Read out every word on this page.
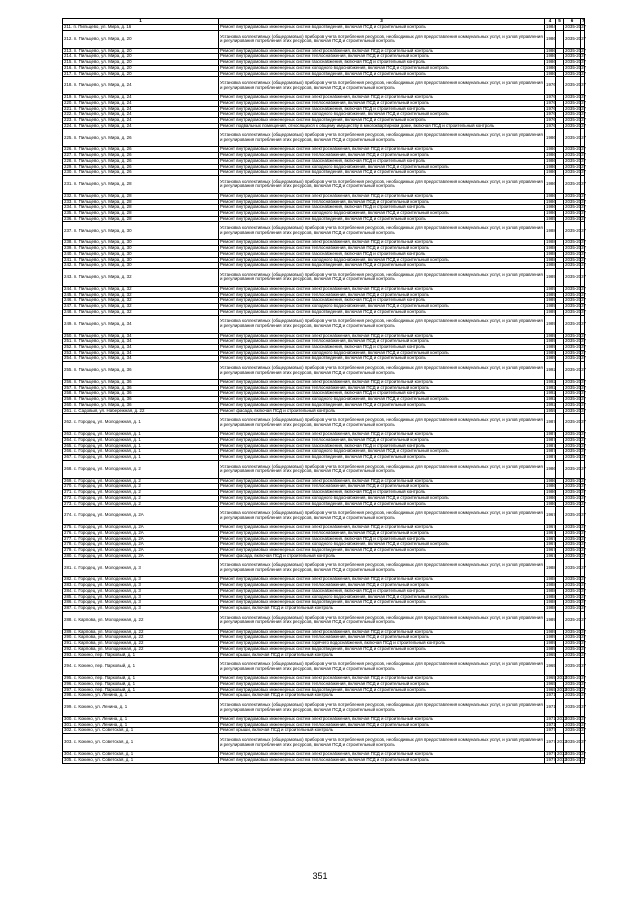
1	3	4	5	6	7
211. п. Пильцево, ул. Мира, д. 16	Ремонт внутридомовых инженерных систем водоотведения, включая ПСД и строительный контроль	1984		2035-2037	
212. п. Пильцево, ул. Мира, д. 20	Установка коллективных (общедомовых) приборов учета потребления ресурсов, необходимых для предоставления коммунальных услуг, и узлов управления и регулирования потребления этих ресурсов, включая ПСД и строительный контроль	1986		2035-2037	
213. п. Пильцево, ул. Мира, д. 20	Ремонт внутридомовых инженерных систем электроснабжения, включая ПСД и строительный контроль	1986		2035-2037	
214. п. Пильцево, ул. Мира, д. 20	Ремонт внутридомовых инженерных систем теплоснабжения, включая ПСД и строительный контроль	1986		2035-2037	
215. п. Пильцево, ул. Мира, д. 20	Ремонт внутридомовых инженерных систем газоснабжения, включая ПСД и строительный контроль	1986		2035-2037	
216. п. Пильцево, ул. Мира, д. 20	Ремонт внутридомовых инженерных систем холодного водоснабжения, включая ПСД и строительный контроль	1986		2035-2037	
217. п. Пильцево, ул. Мира, д. 20	Ремонт внутридомовых инженерных систем водоотведения, включая ПСД и строительный контроль	1986		2035-2037	
218. п. Пильцево, ул. Мира, д. 24	Установка коллективных (общедомовых) приборов учета потребления ресурсов, необходимых для предоставления коммунальных услуг, и узлов управления и регулирования потребления этих ресурсов, включая ПСД и строительный контроль	1976		2035-2037	
219. п. Пильцево, ул. Мира, д. 24	Ремонт внутридомовых инженерных систем электроснабжения, включая ПСД и строительный контроль	1976		2035-2037	
220. п. Пильцево, ул. Мира, д. 24	Ремонт внутридомовых инженерных систем теплоснабжения, включая ПСД и строительный контроль	1976		2035-2037	
221. п. Пильцево, ул. Мира, д. 24	Ремонт внутридомовых инженерных систем газоснабжения, включая ПСД и строительный контроль	1976		2035-2037	
222. п. Пильцево, ул. Мира, д. 24	Ремонт внутридомовых инженерных систем холодного водоснабжения, включая ПСД и строительный контроль	1976		2035-2037	
223. п. Пильцево, ул. Мира, д. 24	Ремонт внутридомовых инженерных систем водоотведения, включая ПСД и строительный контроль	1976		2035-2037	
224. п. Пильцево, ул. Мира, д. 24	Ремонт подвальных помещений, относящихся к общему имуществу в многоквартирном доме, включая ПСД и строительный контроль	1976		2035-2037	
225. п. Пильцево, ул. Мира, д. 26	Установка коллективных (общедомовых) приборов учета потребления ресурсов, необходимых для предоставления коммунальных услуг, и узлов управления и регулирования потребления этих ресурсов, включая ПСД и строительный контроль	1986		2035-2037	
226. п. Пильцево, ул. Мира, д. 26	Ремонт внутридомовых инженерных систем электроснабжения, включая ПСД и строительный контроль	1986		2035-2037	
227. п. Пильцево, ул. Мира, д. 26	Ремонт внутридомовых инженерных систем теплоснабжения, включая ПСД и строительный контроль	1986		2035-2037	
228. п. Пильцево, ул. Мира, д. 26	Ремонт внутридомовых инженерных систем газоснабжения, включая ПСД и строительный контроль	1986		2035-2037	
229. п. Пильцево, ул. Мира, д. 26	Ремонт внутридомовых инженерных систем холодного водоснабжения, включая ПСД и строительный контроль	1986		2035-2037	
230. п. Пильцево, ул. Мира, д. 26	Ремонт внутридомовых инженерных систем водоотведения, включая ПСД и строительный контроль	1986		2035-2037	
231. п. Пильцево, ул. Мира, д. 28	Установка коллективных (общедомовых) приборов учета потребления ресурсов, необходимых для предоставления коммунальных услуг, и узлов управления и регулирования потребления этих ресурсов, включая ПСД и строительный контроль	1986		2035-2037	
232. п. Пильцево, ул. Мира, д. 28	Ремонт внутридомовых инженерных систем электроснабжения, включая ПСД и строительный контроль	1986		2035-2037	
233. п. Пильцево, ул. Мира, д. 28	Ремонт внутридомовых инженерных систем теплоснабжения, включая ПСД и строительный контроль	1986		2035-2037	
234. п. Пильцево, ул. Мира, д. 28	Ремонт внутридомовых инженерных систем газоснабжения, включая ПСД и строительный контроль	1986		2035-2037	
235. п. Пильцево, ул. Мира, д. 28	Ремонт внутридомовых инженерных систем холодного водоснабжения, включая ПСД и строительный контроль	1986		2035-2037	
236. п. Пильцево, ул. Мира, д. 28	Ремонт внутридомовых инженерных систем водоотведения, включая ПСД и строительный контроль	1985		2035-2037	
237. п. Пильцево, ул. Мира, д. 30	Установка коллективных (общедомовых) приборов учета потребления ресурсов, необходимых для предоставления коммунальных услуг, и узлов управления и регулирования потребления этих ресурсов, включая ПСД и строительный контроль	1988		2035-2037	
238. п. Пильцево, ул. Мира, д. 30	Ремонт внутридомовых инженерных систем электроснабжения, включая ПСД и строительный контроль	1988		2035-2037	
239. п. Пильцево, ул. Мира, д. 30	Ремонт внутридомовых инженерных систем теплоснабжения, включая ПСД и строительный контроль	1988		2035-2037	
240. п. Пильцево, ул. Мира, д. 30	Ремонт внутридомовых инженерных систем газоснабжения, включая ПСД и строительный контроль	1988		2035-2037	
241. п. Пильцево, ул. Мира, д. 30	Ремонт внутридомовых инженерных систем холодного водоснабжения, включая ПСД и строительный контроль	1988		2035-2037	
242. п. Пильцево, ул. Мира, д. 30	Ремонт внутридомовых инженерных систем водоотведения, включая ПСД и строительный контроль	1988		2035-2037	
243. п. Пильцево, ул. Мира, д. 32	Установка коллективных (общедомовых) приборов учета потребления ресурсов, необходимых для предоставления коммунальных услуг, и узлов управления и регулирования потребления этих ресурсов, включая ПСД и строительный контроль	1989		2035-2037	
244. п. Пильцево, ул. Мира, д. 32	Ремонт внутридомовых инженерных систем электроснабжения, включая ПСД и строительный контроль	1989		2035-2037	
245. п. Пильцево, ул. Мира, д. 32	Ремонт внутридомовых инженерных систем теплоснабжения, включая ПСД и строительный контроль	1989		2035-2037	
246. п. Пильцево, ул. Мира, д. 32	Ремонт внутридомовых инженерных систем газоснабжения, включая ПСД и строительный контроль	1989		2035-2037	
247. п. Пильцево, ул. Мира, д. 32	Ремонт внутридомовых инженерных систем холодного водоснабжения, включая ПСД и строительный контроль	1989		2035-2037	
248. п. Пильцево, ул. Мира, д. 32	Ремонт внутридомовых инженерных систем водоотведения, включая ПСД и строительный контроль	1989		2035-2037	
249. п. Пильцево, ул. Мира, д. 34	Установка коллективных (общедомовых) приборов учета потребления ресурсов, необходимых для предоставления коммунальных услуг, и узлов управления и регулирования потребления этих ресурсов, включая ПСД и строительный контроль	1989		2035-2037	
250. п. Пильцево, ул. Мира, д. 34	Ремонт внутридомовых инженерных систем электроснабжения, включая ПСД и строительный контроль	1989		2035-2037	
251. п. Пильцево, ул. Мира, д. 34	Ремонт внутридомовых инженерных систем теплоснабжения, включая ПСД и строительный контроль	1989		2035-2037	
252. п. Пильцево, ул. Мира, д. 34	Ремонт внутридомовых инженерных систем газоснабжения, включая ПСД и строительный контроль	1989		2035-2037	
253. п. Пильцево, ул. Мира, д. 34	Ремонт внутридомовых инженерных систем холодного водоснабжения, включая ПСД и строительный контроль	1989		2035-2037	
254. п. Пильцево, ул. Мира, д. 34	Ремонт внутридомовых инженерных систем водоотведения, включая ПСД и строительный контроль	1989		2035-2037	
255. п. Пильцево, ул. Мира, д. 36	Установка коллективных (общедомовых) приборов учета потребления ресурсов, необходимых для предоставления коммунальных услуг, и узлов управления и регулирования потребления этих ресурсов, включая ПСД и строительный контроль	1992		2035-2037	
256. п. Пильцево, ул. Мира, д. 36	Ремонт внутридомовых инженерных систем электроснабжения, включая ПСД и строительный контроль	1992		2035-2037	
257. п. Пильцево, ул. Мира, д. 36	Ремонт внутридомовых инженерных систем теплоснабжения, включая ПСД и строительный контроль	1992		2035-2037	
258. п. Пильцево, ул. Мира, д. 36	Ремонт внутридомовых инженерных систем газоснабжения, включая ПСД и строительный контроль	1992		2035-2037	
259. п. Пильцево, ул. Мира, д. 36	Ремонт внутридомовых инженерных систем холодного водоснабжения, включая ПСД и строительный контроль	1992		2035-2037	
260. п. Пильцево, ул. Мира, д. 36	Ремонт внутридомовых инженерных систем водоотведения, включая ПСД и строительный контроль	1992		2035-2037	
261. с. Садовый, ул. Набережная, д. 22	Ремонт фасада, включая ПСД и строительный контроль	1959		2035-2037	
262. с. Городец, ул. Молодежная, д. 1	Установка коллективных (общедомовых) приборов учета потребления ресурсов, необходимых для предоставления коммунальных услуг, и узлов управления и регулирования потребления этих ресурсов, включая ПСД и строительный контроль	1987		2035-2037	
263. с. Городец, ул. Молодежная, д. 1	Ремонт внутридомовых инженерных систем электроснабжения, включая ПСД и строительный контроль	1987		2035-2037	
264. с. Городец, ул. Молодежная, д. 1	Ремонт внутридомовых инженерных систем теплоснабжения, включая ПСД и строительный контроль	1987		2035-2037	
265. с. Городец, ул. Молодежная, д. 1	Ремонт внутридомовых инженерных систем газоснабжения, включая ПСД и строительный контроль	1987		2035-2037	
266. с. Городец, ул. Молодежная, д. 1	Ремонт внутридомовых инженерных систем холодного водоснабжения, включая ПСД и строительный контроль	1987		2035-2037	
267. с. Городец, ул. Молодежная, д. 1	Ремонт внутридомовых инженерных систем водоотведения, включая ПСД и строительный контроль	1987		2035-2037	
268. с. Городец, ул. Молодежная, д. 2	Установка коллективных (общедомовых) приборов учета потребления ресурсов, необходимых для предоставления коммунальных услуг, и узлов управления и регулирования потребления этих ресурсов, включая ПСД и строительный контроль	1986		2035-2037	
269. с. Городец, ул. Молодежная, д. 2	Ремонт внутридомовых инженерных систем электроснабжения, включая ПСД и строительный контроль	1986		2035-2037	
270. с. Городец, ул. Молодежная, д. 2	Ремонт внутридомовых инженерных систем теплоснабжения, включая ПСД и строительный контроль	1986		2035-2037	
271. с. Городец, ул. Молодежная, д. 2	Ремонт внутридомовых инженерных систем газоснабжения, включая ПСД и строительный контроль	1986		2035-2037	
272. с. Городец, ул. Молодежная, д. 2	Ремонт внутридомовых инженерных систем холодного водоснабжения, включая ПСД и строительный контроль	1986		2035-2037	
273. с. Городец, ул. Молодежная, д. 2	Ремонт внутридомовых инженерных систем водоотведения, включая ПСД и строительный контроль	1986		2035-2037	
274. с. Городец, ул. Молодежная, д. 2А	Установка коллективных (общедомовых) приборов учета потребления ресурсов, необходимых для предоставления коммунальных услуг, и узлов управления и регулирования потребления этих ресурсов, включая ПСД и строительный контроль	1967		2035-2037	
275. с. Городец, ул. Молодежная, д. 2А	Ремонт внутридомовых инженерных систем электроснабжения, включая ПСД и строительный контроль	1967		2035-2037	
276. с. Городец, ул. Молодежная, д. 2А	Ремонт внутридомовых инженерных систем теплоснабжения, включая ПСД и строительный контроль	1967		2035-2037	
277. с. Городец, ул. Молодежная, д. 2А	Ремонт внутридомовых инженерных систем газоснабжения, включая ПСД и строительный контроль	1967		2035-2037	
278. с. Городец, ул. Молодежная, д. 2А	Ремонт внутридомовых инженерных систем холодного водоснабжения, включая ПСД и строительный контроль	1967		2035-2037	
279. с. Городец, ул. Молодежная, д. 2А	Ремонт внутридомовых инженерных систем водоотведения, включая ПСД и строительный контроль	1967		2035-2037	
280. с. Городец, ул. Молодежная, д. 2А	Ремонт фасада, включая ПСД и строительный контроль	1967		2035-2037	
281. с. Городец, ул. Молодежная, д. 3	Установка коллективных (общедомовых) приборов учета потребления ресурсов, необходимых для предоставления коммунальных услуг, и узлов управления и регулирования потребления этих ресурсов, включая ПСД и строительный контроль	1988		2035-2037	
282. с. Городец, ул. Молодежная, д. 3	Ремонт внутридомовых инженерных систем электроснабжения, включая ПСД и строительный контроль	1988		2035-2037	
283. с. Городец, ул. Молодежная, д. 3	Ремонт внутридомовых инженерных систем теплоснабжения, включая ПСД и строительный контроль	1988		2035-2037	
284. с. Городец, ул. Молодежная, д. 3	Ремонт внутридомовых инженерных систем газоснабжения, включая ПСД и строительный контроль	1988		2035-2037	
285. с. Городец, ул. Молодежная, д. 3	Ремонт внутридомовых инженерных систем холодного водоснабжения, включая ПСД и строительный контроль	1988		2035-2037	
286. с. Городец, ул. Молодежная, д. 3	Ремонт внутридомовых инженерных систем водоотведения, включая ПСД и строительный контроль	1988		2035-2037	
287. с. Городец, ул. Молодежная, д. 3	Ремонт крыши, включая ПСД и строительный контроль	1988		2035-2037	
288. с. Карпова, ул. Молодежная, д. 22	Установка коллективных (общедомовых) приборов учета потребления ресурсов, необходимых для предоставления коммунальных услуг, и узлов управления и регулирования потребления этих ресурсов, включая ПСД и строительный контроль	1989		2035-2037	
289. с. Карпова, ул. Молодежная, д. 22	Ремонт внутридомовых инженерных систем электроснабжения, включая ПСД и строительный контроль	1989		2035-2037	
290. с. Карпова, ул. Молодежная, д. 22	Ремонт внутридомовых инженерных систем теплоснабжения, включая ПСД и строительный контроль	1989		2035-2037	
291. с. Карпова, ул. Молодежная, д. 22	Ремонт внутридомовых инженерных систем горячего водоснабжения, включая ПСД и строительный контроль	1989		2035-2037	
292. с. Карпова, ул. Молодежная, д. 22	Ремонт внутридомовых инженерных систем водоотведения, включая ПСД и строительный контроль	1989		2035-2037	
293. с. Кокино, пер. Парковый, д. 1	Ремонт крыши, включая ПСД и строительный контроль	1965		2035-2037	
294. с. Кокино, пер. Парковый, д. 1	Установка коллективных (общедомовых) приборов учета потребления ресурсов, необходимых для предоставления коммунальных услуг, и узлов управления и регулирования потребления этих ресурсов, включая ПСД и строительный контроль	1965		2035-2037	
295. с. Кокино, пер. Парковый, д. 1	Ремонт внутридомовых инженерных систем электроснабжения, включая ПСД и строительный контроль	1965	2013	2035-2037	
296. с. Кокино, пер. Парковый, д. 1	Ремонт внутридомовых инженерных систем теплоснабжения, включая ПСД и строительный контроль	1965		2035-2037	
297. с. Кокино, пер. Парковый, д. 1	Ремонт внутридомовых инженерных систем водоотведения, включая ПСД и строительный контроль	1965	2013	2035-2037	
298. с. Кокино, ул. Ленина, д. 1	Ремонт крыши, включая ПСД и строительный контроль	1971		2035-2037	
299. с. Кокино, ул. Ленина, д. 1	Установка коллективных (общедомовых) приборов учета потребления ресурсов, необходимых для предоставления коммунальных услуг, и узлов управления и регулирования потребления этих ресурсов, включая ПСД и строительный контроль	1971		2035-2037	
300. с. Кокино, ул. Ленина, д. 1	Ремонт внутридомовых инженерных систем электроснабжения, включая ПСД и строительный контроль	1971	2013	2035-2037	
301. с. Кокино, ул. Ленина, д. 1	Ремонт внутридомовых инженерных систем теплоснабжения, включая ПСД и строительный контроль	1971		2035-2037	
302. с. Кокино, ул. Советская, д. 1	Ремонт крыши, включая ПСД и строительный контроль	1977		2035-2037	
303. с. Кокино, ул. Советская, д. 1	Установка коллективных (общедомовых) приборов учета потребления ресурсов, необходимых для предоставления коммунальных услуг, и узлов управления и регулирования потребления этих ресурсов, включая ПСД и строительный контроль	1977	2013	2035-2037	
304. с. Кокино, ул. Советская, д. 1	Ремонт внутридомовых инженерных систем электроснабжения, включая ПСД и строительный контроль	1977	2013	2035-2037	
305. с. Кокино, ул. Советская, д. 1	Ремонт внутридомовых инженерных систем теплоснабжения, включая ПСД и строительный контроль	1977	2013	2035-2037	
351
